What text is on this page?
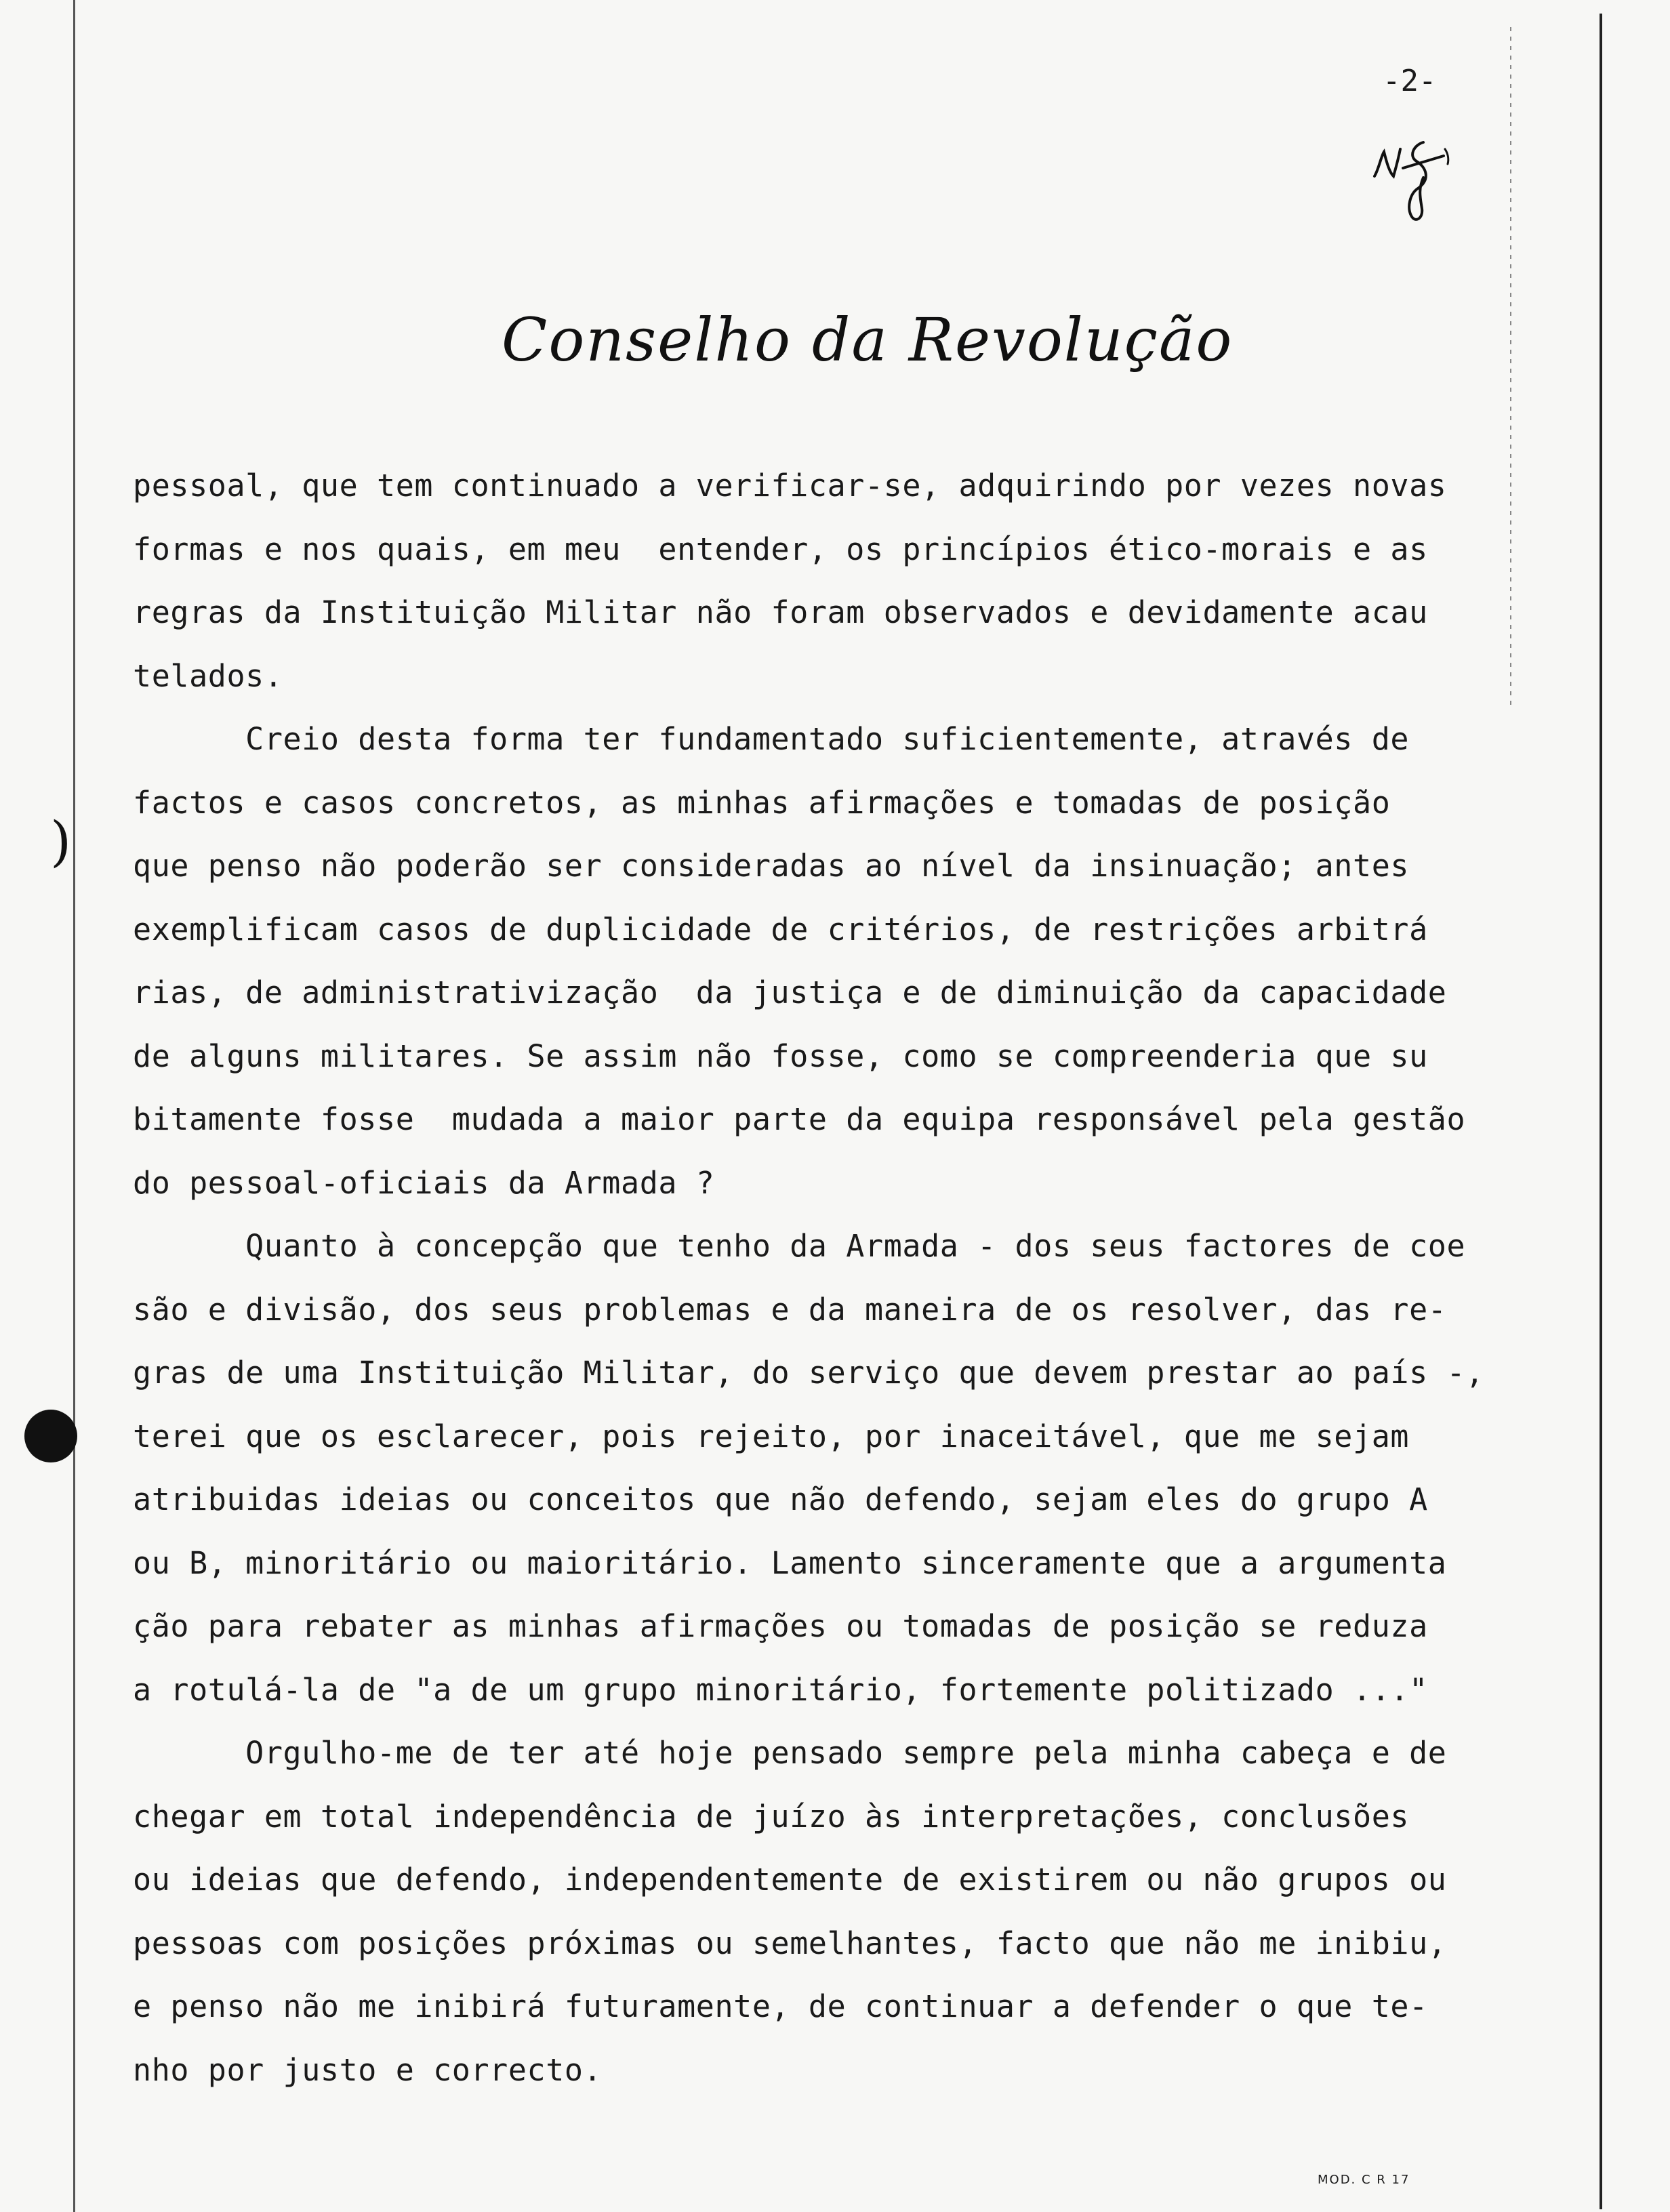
)
-2-
Conselho da Revolução
pessoal, que tem continuado a verificar-se, adquirindo por vezes novas
formas e nos quais, em meu  entender, os princípios ético-morais e as
regras da Instituição Militar não foram observados e devidamente acau
telados.
Creio desta forma ter fundamentado suficientemente, através de
factos e casos concretos, as minhas afirmações e tomadas de posição
que penso não poderão ser consideradas ao nível da insinuação; antes
exemplificam casos de duplicidade de critérios, de restrições arbitrá
rias, de administrativização  da justiça e de diminuição da capacidade
de alguns militares. Se assim não fosse, como se compreenderia que su
bitamente fosse  mudada a maior parte da equipa responsável pela gestão
do pessoal-oficiais da Armada ?
Quanto à concepção que tenho da Armada - dos seus factores de coe
são e divisão, dos seus problemas e da maneira de os resolver, das re-
gras de uma Instituição Militar, do serviço que devem prestar ao país -,
terei que os esclarecer, pois rejeito, por inaceitável, que me sejam
atribuidas ideias ou conceitos que não defendo, sejam eles do grupo A
ou B, minoritário ou maioritário. Lamento sinceramente que a argumenta
ção para rebater as minhas afirmações ou tomadas de posição se reduza
a rotulá-la de "a de um grupo minoritário, fortemente politizado ..."
Orgulho-me de ter até hoje pensado sempre pela minha cabeça e de
chegar em total independência de juízo às interpretações, conclusões
ou ideias que defendo, independentemente de existirem ou não grupos ou
pessoas com posições próximas ou semelhantes, facto que não me inibiu,
e penso não me inibirá futuramente, de continuar a defender o que te-
nho por justo e correcto.
MOD. C R 17
